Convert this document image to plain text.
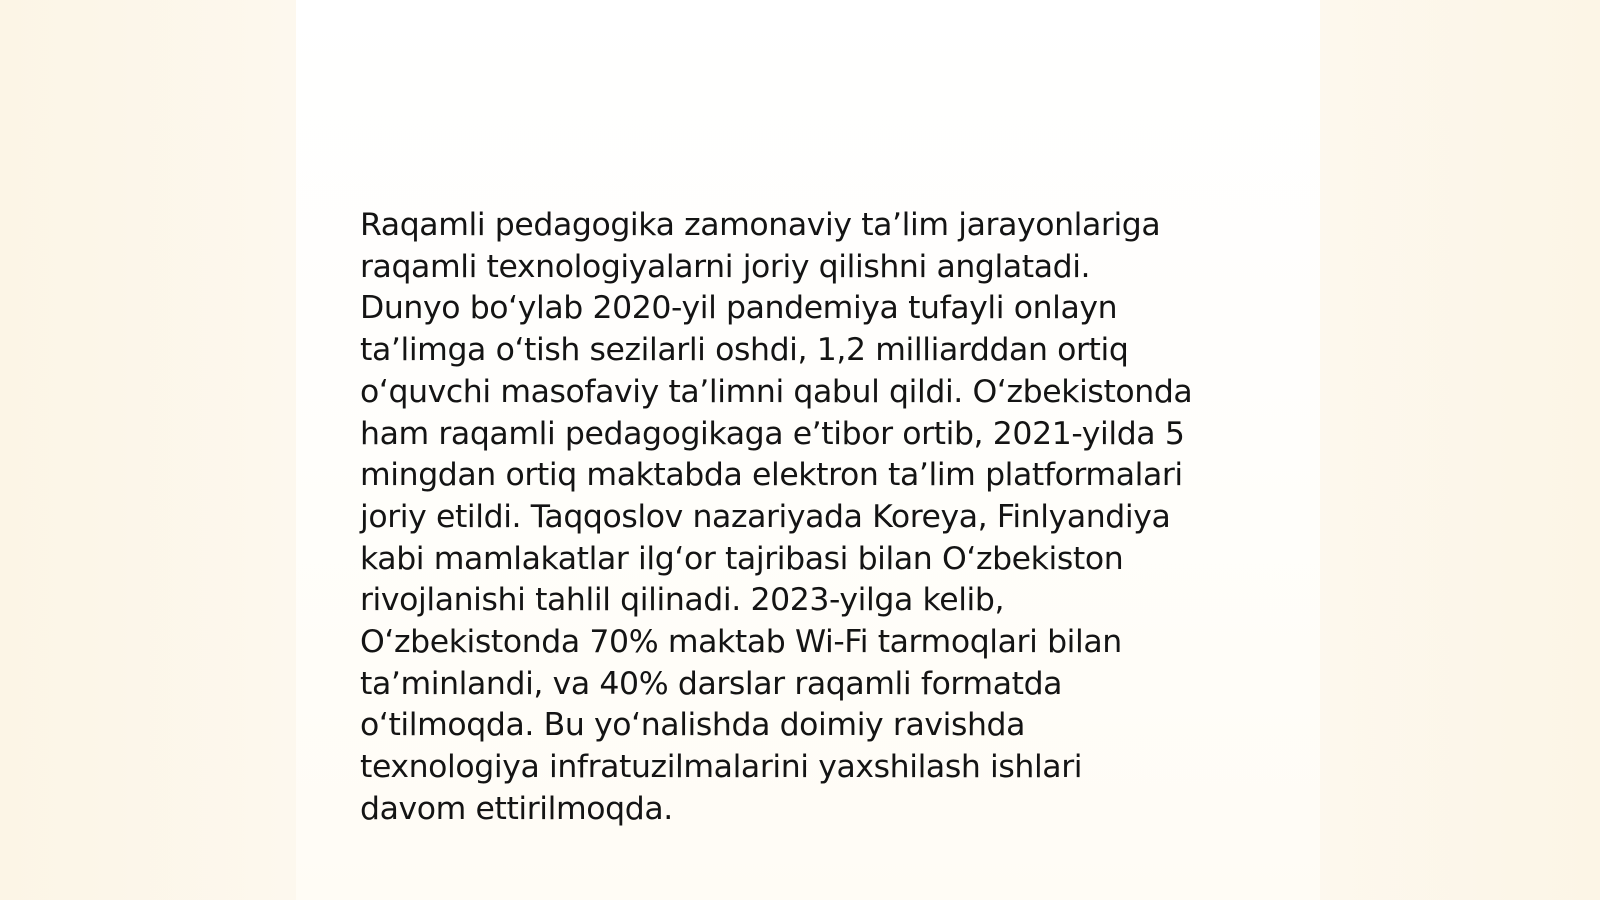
Raqamli pedagogika zamonaviy ta’lim jarayonlariga
raqamli texnologiyalarni joriy qilishni anglatadi.
Dunyo bo‘ylab 2020-yil pandemiya tufayli onlayn
ta’limga o‘tish sezilarli oshdi, 1,2 milliarddan ortiq
o‘quvchi masofaviy ta’limni qabul qildi. O‘zbekistonda
ham raqamli pedagogikaga e’tibor ortib, 2021-yilda 5
mingdan ortiq maktabda elektron ta’lim platformalari
joriy etildi. Taqqoslov nazariyada Koreya, Finlyandiya
kabi mamlakatlar ilg‘or tajribasi bilan O‘zbekiston
rivojlanishi tahlil qilinadi. 2023-yilga kelib,
O‘zbekistonda 70% maktab Wi-Fi tarmoqlari bilan
ta’minlandi, va 40% darslar raqamli formatda
o‘tilmoqda. Bu yo‘nalishda doimiy ravishda
texnologiya infratuzilmalarini yaxshilash ishlari
davom ettirilmoqda.
